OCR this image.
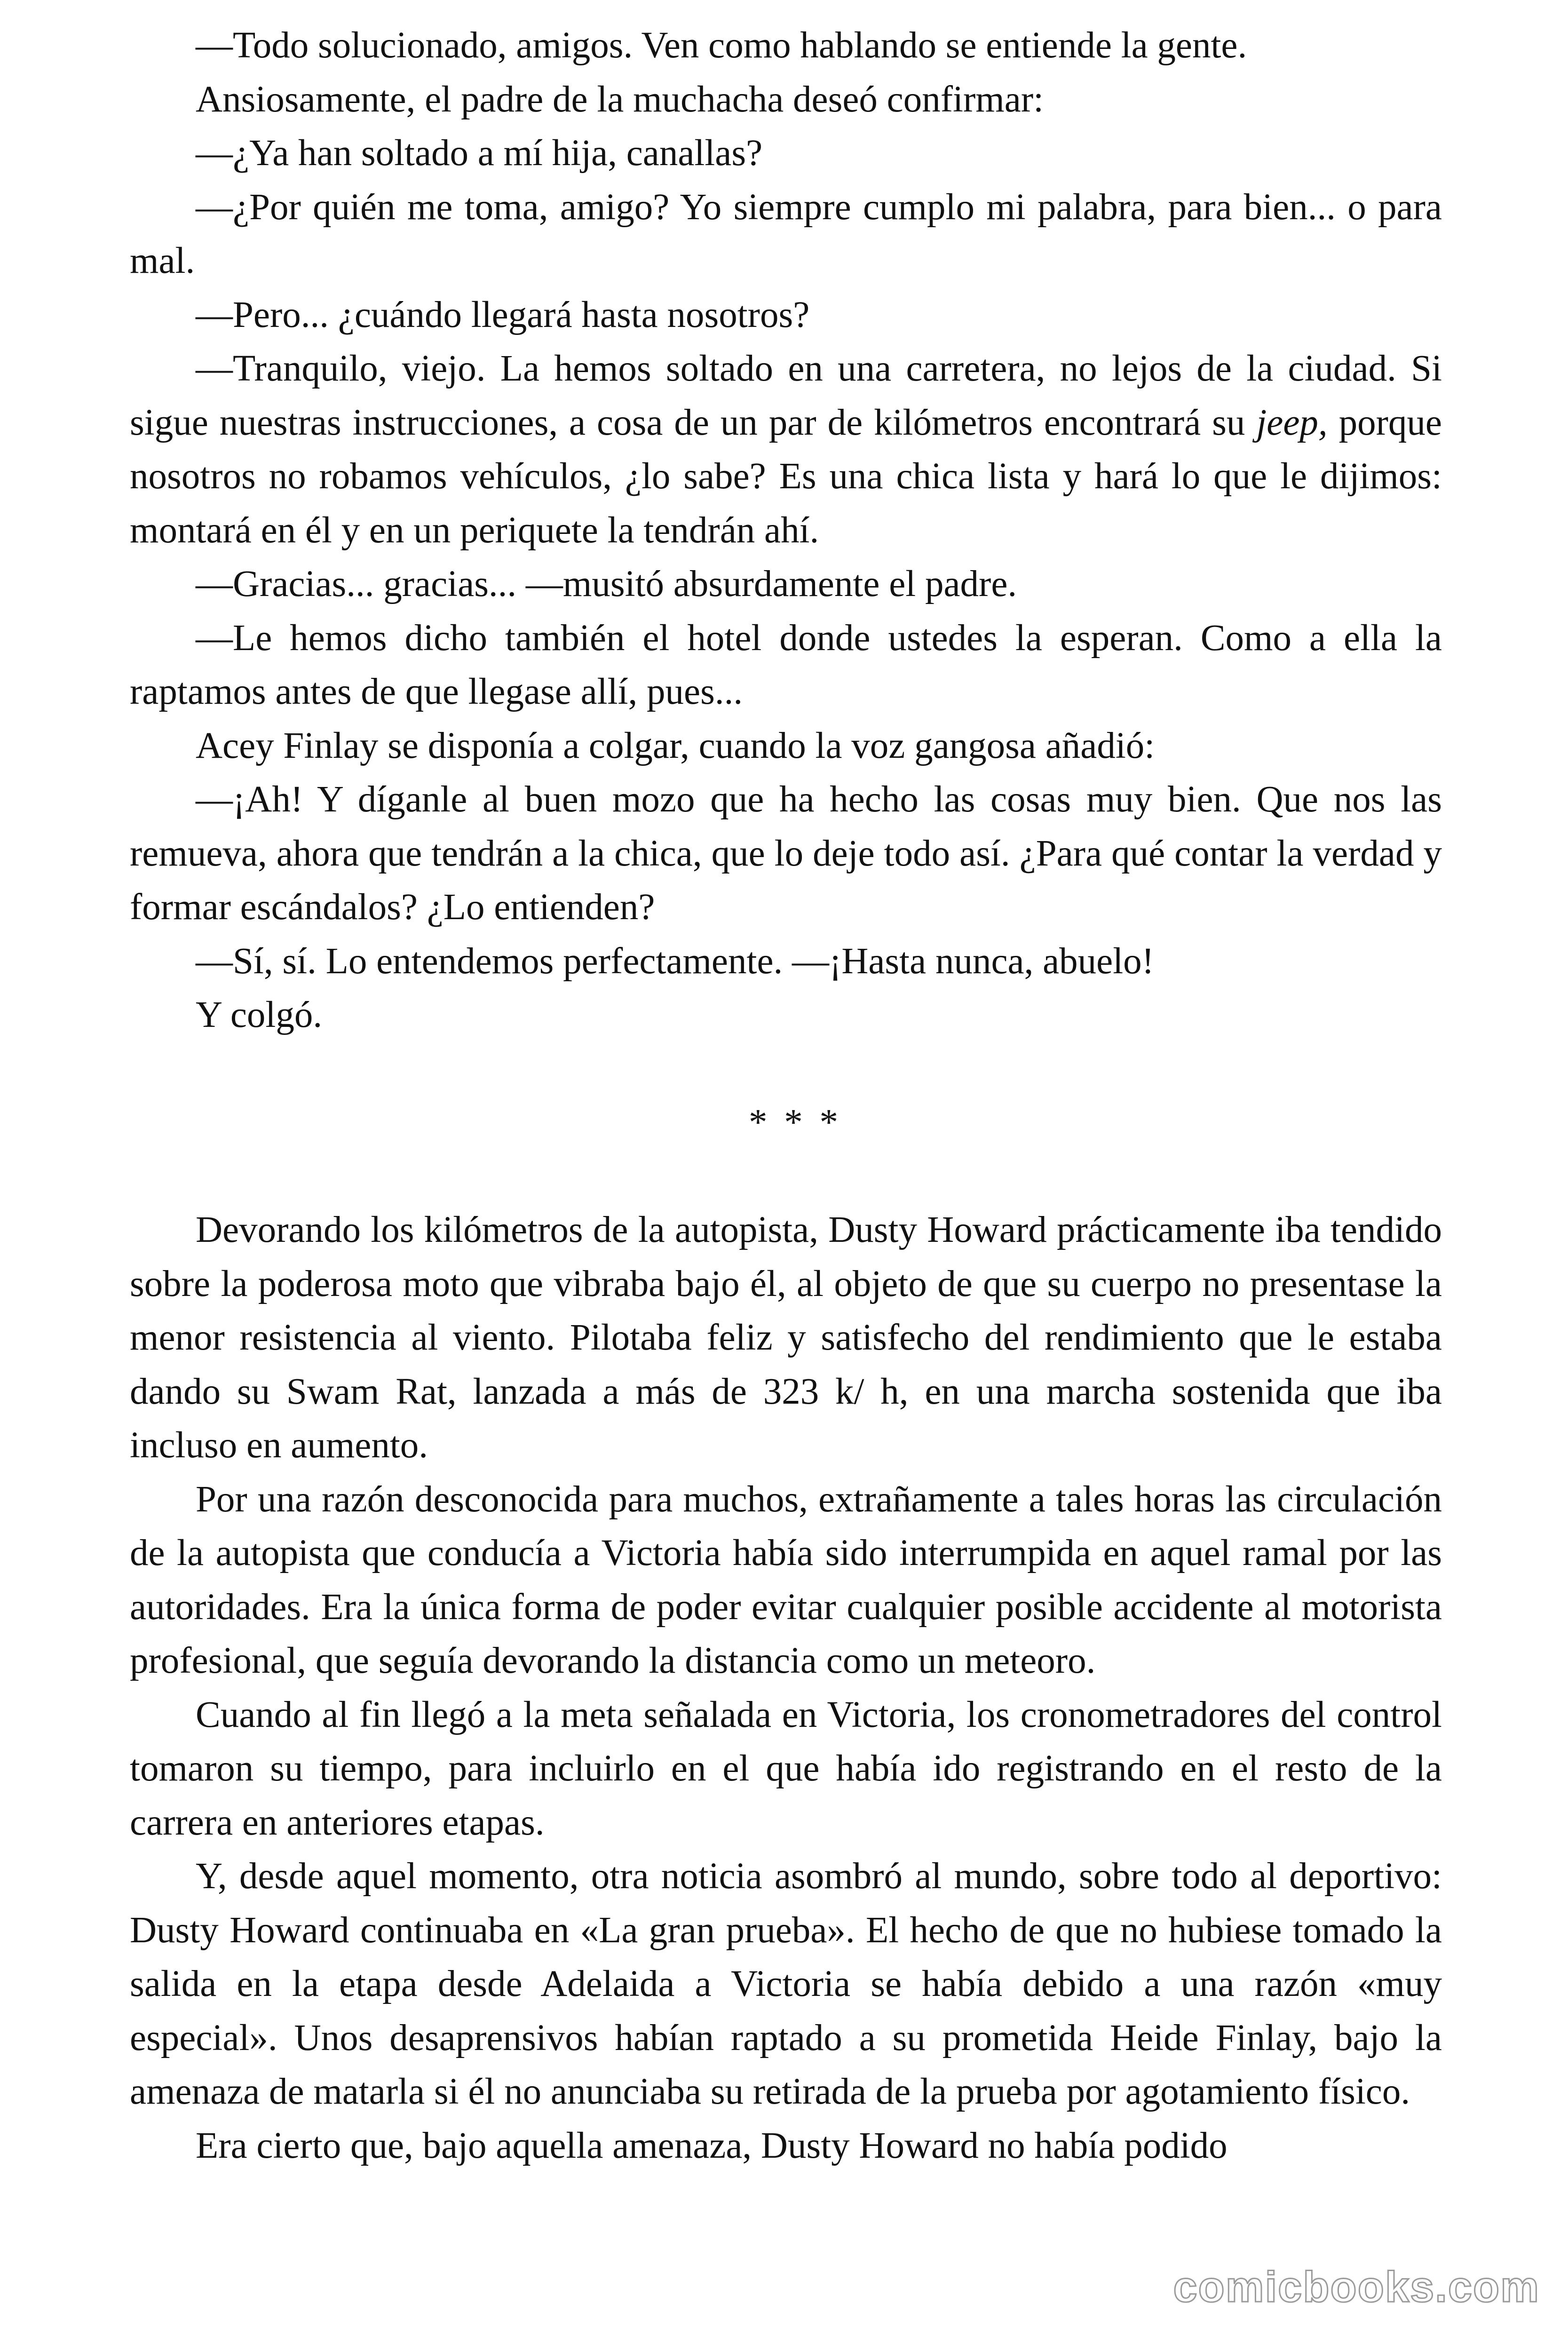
—Todo solucionado, amigos. Ven como hablando se entiende la gente.

Ansiosamente, el padre de la muchacha deseó confirmar:

—¿Ya han soltado a mí hija, canallas?

—¿Por quién me toma, amigo? Yo siempre cumplo mi palabra, para bien... o para mal.

—Pero... ¿cuándo llegará hasta nosotros?

—Tranquilo, viejo. La hemos soltado en una carretera, no lejos de la ciudad. Si sigue nuestras instrucciones, a cosa de un par de kilómetros encontrará su jeep, porque nosotros no robamos vehículos, ¿lo sabe? Es una chica lista y hará lo que le dijimos: montará en él y en un periquete la tendrán ahí.

—Gracias... gracias... —musitó absurdamente el padre.

—Le hemos dicho también el hotel donde ustedes la esperan. Como a ella la raptamos antes de que llegase allí, pues...

Acey Finlay se disponía a colgar, cuando la voz gangosa añadió:

—¡Ah! Y díganle al buen mozo que ha hecho las cosas muy bien. Que nos las remueva, ahora que tendrán a la chica, que lo deje todo así. ¿Para qué contar la verdad y formar escándalos? ¿Lo entienden?

—Sí, sí. Lo entendemos perfectamente. —¡Hasta nunca, abuelo!

Y colgó.

* * *

Devorando los kilómetros de la autopista, Dusty Howard prácticamente iba tendido sobre la poderosa moto que vibraba bajo él, al objeto de que su cuerpo no presentase la menor resistencia al viento. Pilotaba feliz y satisfecho del rendimiento que le estaba dando su Swam Rat, lanzada a más de 323 k/ h, en una marcha sostenida que iba incluso en aumento.

Por una razón desconocida para muchos, extrañamente a tales horas las circulación de la autopista que conducía a Victoria había sido interrumpida en aquel ramal por las autoridades. Era la única forma de poder evitar cualquier posible accidente al motorista profesional, que seguía devorando la distancia como un meteoro.

Cuando al fin llegó a la meta señalada en Victoria, los cronometradores del control tomaron su tiempo, para incluirlo en el que había ido registrando en el resto de la carrera en anteriores etapas.

Y, desde aquel momento, otra noticia asombró al mundo, sobre todo al deportivo: Dusty Howard continuaba en «La gran prueba». El hecho de que no hubiese tomado la salida en la etapa desde Adelaida a Victoria se había debido a una razón «muy especial». Unos desaprensivos habían raptado a su prometida Heide Finlay, bajo la amenaza de matarla si él no anunciaba su retirada de la prueba por agotamiento físico.

Era cierto que, bajo aquella amenaza, Dusty Howard no había podido

comicbooks.com
